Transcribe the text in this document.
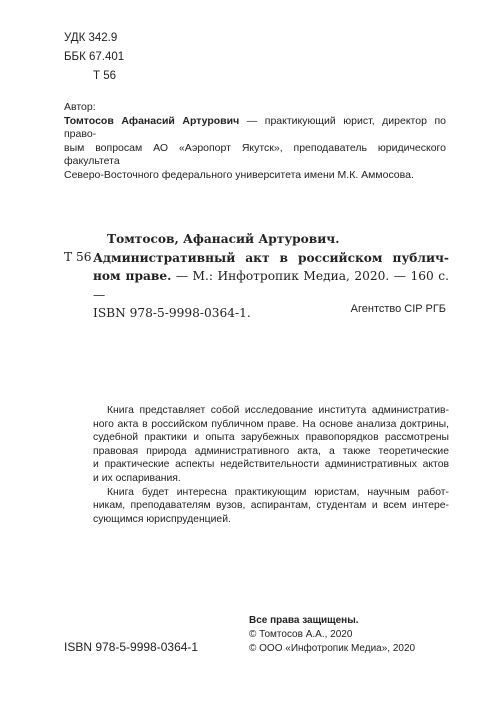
УДК 342.9
ББК 67.401
Т 56
Автор:
Томтосов Афанасий Артурович — практикующий юрист, директор по право-
вым вопросам АО «Аэропорт Якутск», преподаватель юридического факультета
Северо-Восточного федерального университета имени М.К. Аммосова.
Т 56
Томтосов, Афанасий Артурович.
Административный акт в российском публич-
ном праве. — М.: Инфотропик Медиа, 2020. — 160 с. —
ISBN 978-5-9998-0364-1.	Агентство CIP РГБ
Книга представляет собой исследование института административ-
ного акта в российском публичном праве. На основе анализа доктрины,
судебной практики и опыта зарубежных правопорядков рассмотрены
правовая природа административного акта, а также теоретические
и практические аспекты недействительности административных актов
и их оспаривания.
Книга будет интересна практикующим юристам, научным работ-
никам, преподавателям вузов, аспирантам, студентам и всем интере-
сующимся юриспруденцией.
ISBN 978-5-9998-0364-1
Все права защищены.
© Томтосов А.А., 2020
© ООО «Инфотропик Медиа», 2020
